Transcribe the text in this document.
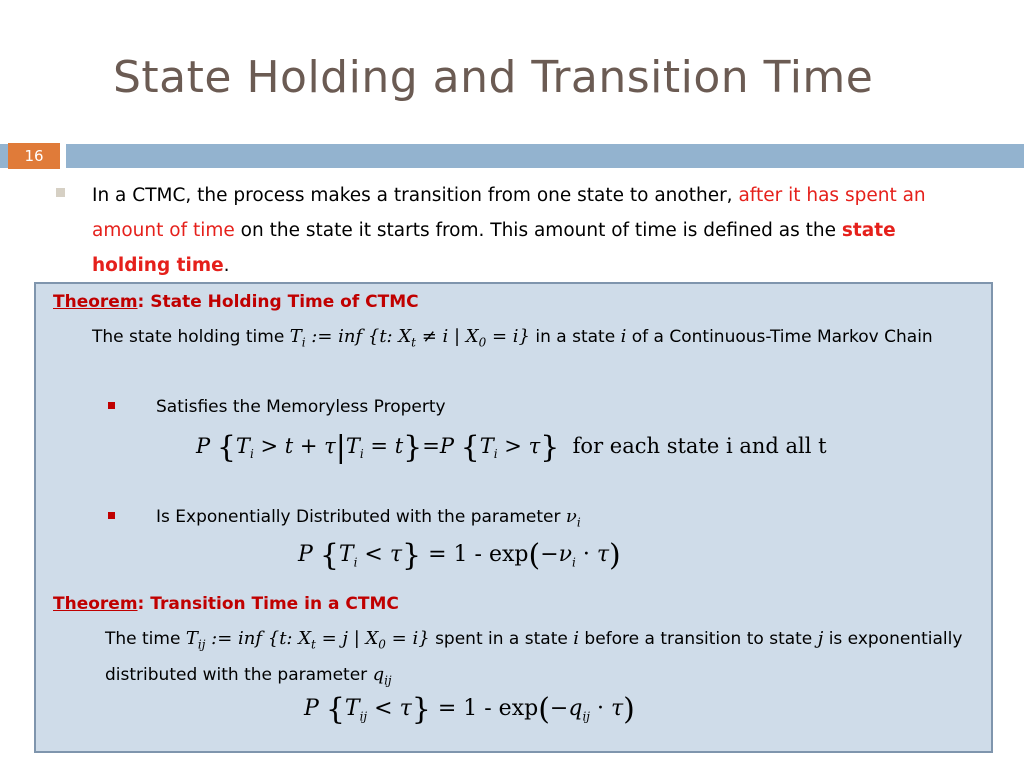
State Holding and Transition Time
16
In a CTMC, the process makes a transition from one state to another, after it has spent an amount of time on the state it starts from. This amount of time is defined as the state holding time.
Theorem: State Holding Time of CTMC
The state holding time $T_i$ := inf {t: $X_t \ne i$ | $X_0 = i$} in a state i of a Continuous-Time Markov Chain
Satisfies the Memoryless Property
P $\{T_i > t + \tau|T_i = t\}=P$ $\{T_i > \tau\}$ for each state i and all t
Is Exponentially Distributed with the parameter $\nu_i$
P $\{T_i < \tau\} = 1 - \exp(-\nu_i \cdot \tau)$
Theorem: Transition Time in a CTMC
The time $T_{ij}$ := inf {t: $X_t = j$ | $X_0 = i$} spent in a state i before a transition to state j is exponentially distributed with the parameter $q_{ij}$
P $\{T_{ij} < \tau\} = 1 - \exp(-q_{ij} \cdot \tau)$
